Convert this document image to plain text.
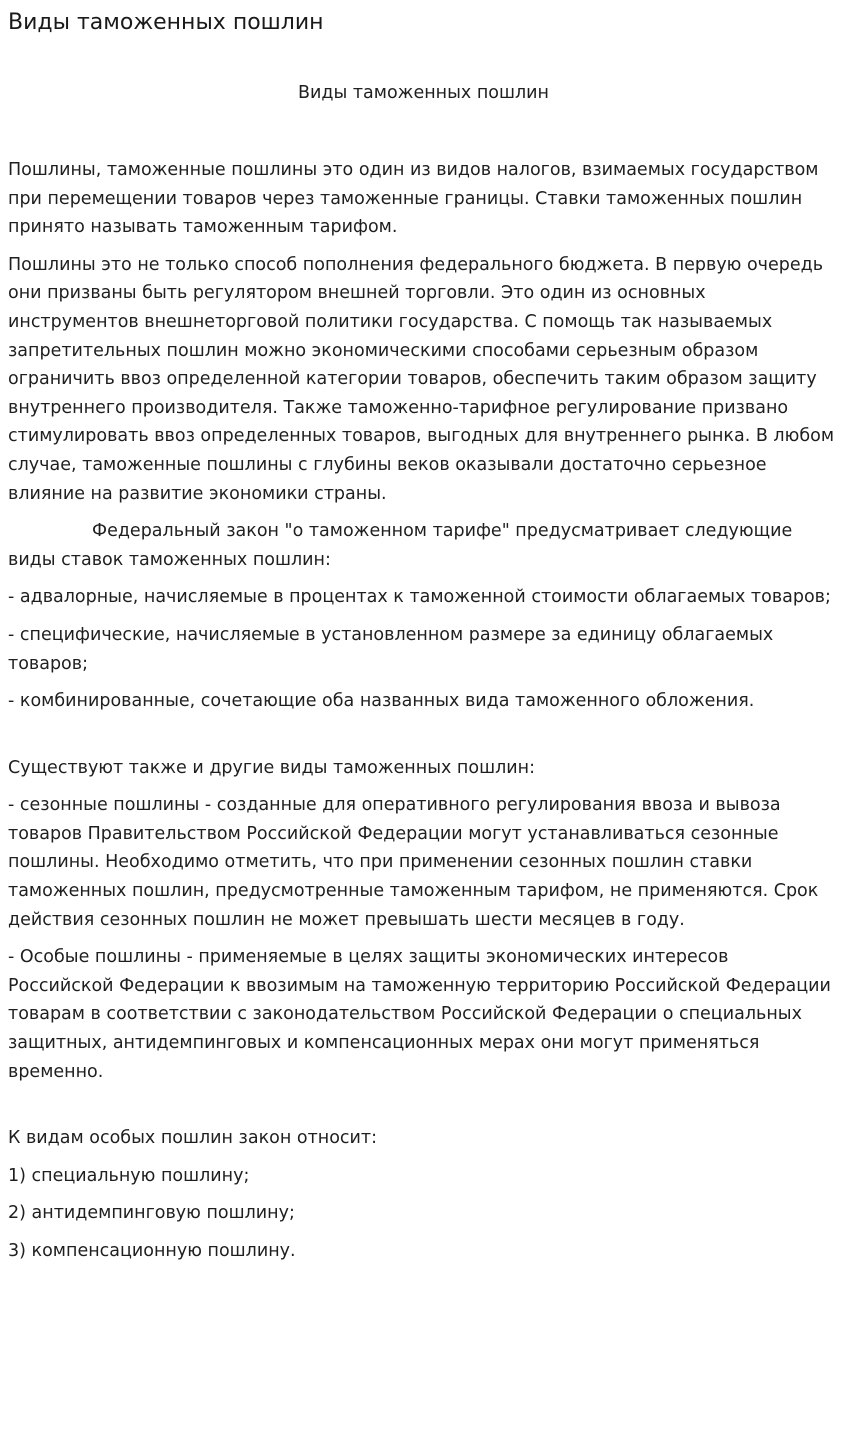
Виды таможенных пошлин
Виды таможенных пошлин

Пошлины, таможенные пошлины это один из видов налогов, взимаемых государством при перемещении товаров через таможенные границы. Ставки таможенных пошлин принято называть таможенным тарифом.

Пошлины это не только способ пополнения федерального бюджета. В первую очередь они призваны быть регулятором внешней торговли. Это один из основных инструментов внешнеторговой политики государства. С помощь так называемых запретительных пошлин можно экономическими способами серьезным образом ограничить ввоз определенной категории товаров, обеспечить таким образом защиту внутреннего производителя. Также таможенно-тарифное регулирование призвано стимулировать ввоз определенных товаров, выгодных для внутреннего рынка. В любом случае, таможенные пошлины с глубины веков оказывали достаточно серьезное влияние на развитие экономики страны.

Федеральный закон "о таможенном тарифе" предусматривает следующие виды ставок таможенных пошлин:

- адвалорные, начисляемые в процентах к таможенной стоимости облагаемых товаров;

- специфические, начисляемые в установленном размере за единицу облагаемых товаров;

- комбинированные, сочетающие оба названных вида таможенного обложения.

Существуют также и другие виды таможенных пошлин:

- сезонные пошлины - созданные для оперативного регулирования ввоза и вывоза товаров Правительством Российской Федерации могут устанавливаться сезонные пошлины. Необходимо отметить, что при применении сезонных пошлин ставки таможенных пошлин, предусмотренные таможенным тарифом, не применяются. Срок действия сезонных пошлин не может превышать шести месяцев в году.

- Особые пошлины - применяемые в целях защиты экономических интересов Российской Федерации к ввозимым на таможенную территорию Российской Федерации товарам в соответствии с законодательством Российской Федерации о специальных защитных, антидемпинговых и компенсационных мерах они могут применяться временно.

К видам особых пошлин закон относит:

1) специальную пошлину;

2) антидемпинговую пошлину;

3) компенсационную пошлину.
